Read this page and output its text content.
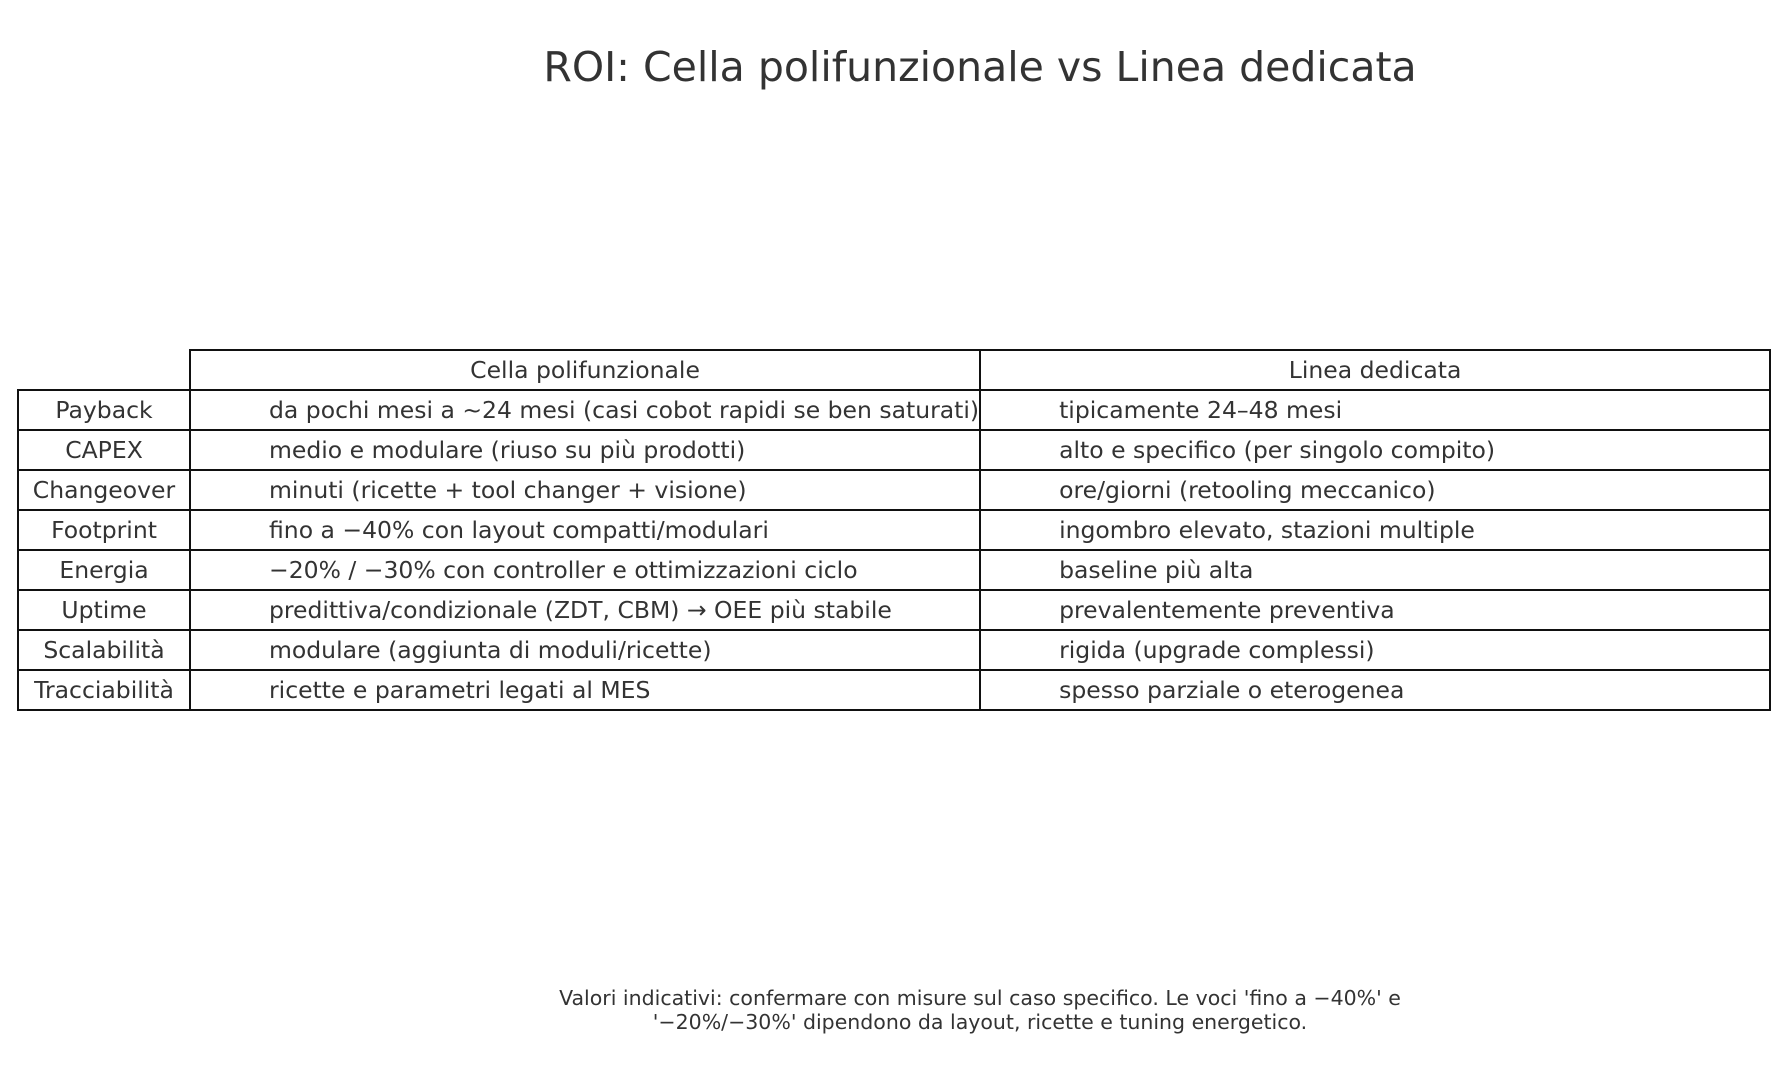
ROI: Cella polifunzionale vs Linea dedicata
	Cella polifunzionale	Linea dedicata
Payback	da pochi mesi a ~24 mesi (casi cobot rapidi se ben saturati)	tipicamente 24–48 mesi
CAPEX	medio e modulare (riuso su più prodotti)	alto e specifico (per singolo compito)
Changeover	minuti (ricette + tool changer + visione)	ore/giorni (retooling meccanico)
Footprint	fino a −40% con layout compatti/modulari	ingombro elevato, stazioni multiple
Energia	−20% / −30% con controller e ottimizzazioni ciclo	baseline più alta
Uptime	predittiva/condizionale (ZDT, CBM) → OEE più stabile	prevalentemente preventiva
Scalabilità	modulare (aggiunta di moduli/ricette)	rigida (upgrade complessi)
Tracciabilità	ricette e parametri legati al MES	spesso parziale o eterogenea
Valori indicativi: confermare con misure sul caso specifico. Le voci 'fino a −40%' e
'−20%/−30%' dipendono da layout, ricette e tuning energetico.
